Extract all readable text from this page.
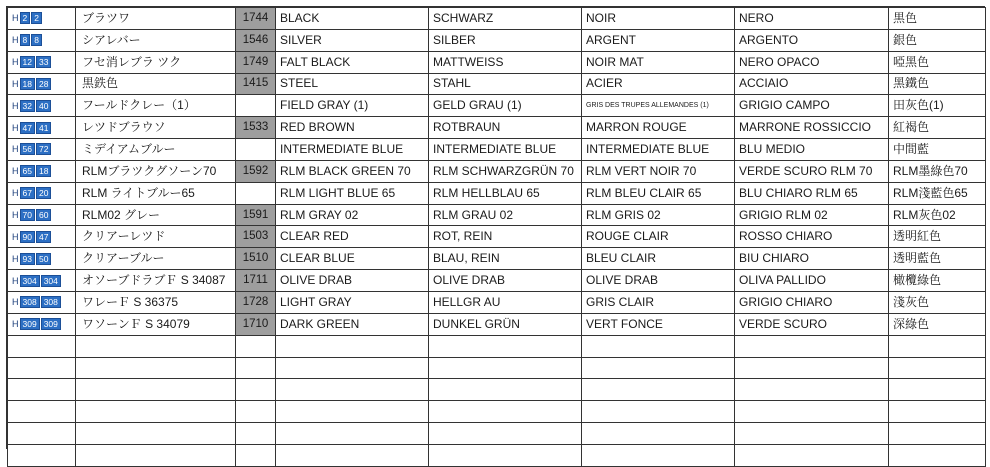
H 2 2	ブラツワ	1744	BLACK	SCHWARZ	NOIR	NERO	黒色
H 8 8	シアレバー	1546	SILVER	SILBER	ARGENT	ARGENTO	銀色
H 12 33	フセ消レブラ ツク	1749	FALT BLACK	MATTWEISS	NOIR MAT	NERO OPACO	啞黑色
H 18 28	黒鉄色	1415	STEEL	STAHL	ACIER	ACCIAIO	黑鐵色
H 32 40	フールドクレー（1）		FIELD GRAY (1)	GELD GRAU (1)	GRIS DES TRUPES ALLEMANDES (1)	GRIGIO CAMPO	田灰色(1)
H 47 41	レツドブラウソ	1533	RED BROWN	ROTBRAUN	MARRON ROUGE	MARRONE ROSSICCIO	紅褐色
H 56 72	ミデイアムブルー		INTERMEDIATE BLUE	INTERMEDIATE BLUE	INTERMEDIATE BLUE	BLU MEDIO	中間藍
H 65 18	RLMブラツクグソーン70	1592	RLM BLACK GREEN 70	RLM SCHWARZGRÜN 70	RLM VERT NOIR 70	VERDE SCURO RLM 70	RLM墨綠色70
H 67 20	RLM ライトブルー65		RLM LIGHT BLUE 65	RLM HELLBLAU 65	RLM BLEU CLAIR 65	BLU CHIARO RLM 65	RLM淺藍色65
H 70 60	RLM02 グレー	1591	RLM GRAY 02	RLM GRAU 02	RLM GRIS 02	GRIGIO RLM 02	RLM灰色02
H 90 47	クリアーレツド	1503	CLEAR RED	ROT, REIN	ROUGE CLAIR	ROSSO CHIARO	透明紅色
H 93 50	クリアーブルー	1510	CLEAR BLUE	BLAU, REIN	BLEU CLAIR	BIU CHIARO	透明藍色
H 304 304	オソーブドラブＦ S 34087	1711	OLIVE DRAB	OLIVE DRAB	OLIVE DRAB	OLIVA PALLIDO	橄欖綠色
H 308 308	ワレーＦ S 36375	1728	LIGHT GRAY	HELLGR AU	GRIS CLAIR	GRIGIO CHIARO	淺灰色
H 309 309	ワソーンＦ S 34079	1710	DARK GREEN	DUNKEL GRÜN	VERT FONCE	VERDE SCURO	深綠色
